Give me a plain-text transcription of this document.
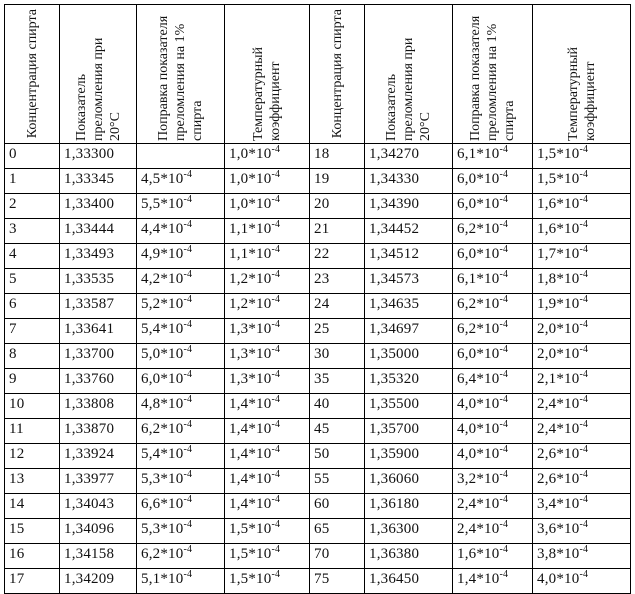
Концентрация спирта	Показатель преломления при 20°С	Поправка показателя преломления на 1% спирта	Температурный коэффициент	Концентрация спирта	Показатель преломления при 20°С	Поправка показателя преломления на 1% спирта	Температурный коэффициент

0	1,33300		$1,0*10^{-4}$	18	1,34270	$6,1*10^{-4}$	$1,5*10^{-4}$
1	1,33345	$4,5*10^{-4}$	$1,0*10^{-4}$	19	1,34330	$6,0*10^{-4}$	$1,5*10^{-4}$
2	1,33400	$5,5*10^{-4}$	$1,0*10^{-4}$	20	1,34390	$6,0*10^{-4}$	$1,6*10^{-4}$
3	1,33444	$4,4*10^{-4}$	$1,1*10^{-4}$	21	1,34452	$6,2*10^{-4}$	$1,6*10^{-4}$
4	1,33493	$4,9*10^{-4}$	$1,1*10^{-4}$	22	1,34512	$6,0*10^{-4}$	$1,7*10^{-4}$
5	1,33535	$4,2*10^{-4}$	$1,2*10^{-4}$	23	1,34573	$6,1*10^{-4}$	$1,8*10^{-4}$
6	1,33587	$5,2*10^{-4}$	$1,2*10^{-4}$	24	1,34635	$6,2*10^{-4}$	$1,9*10^{-4}$
7	1,33641	$5,4*10^{-4}$	$1,3*10^{-4}$	25	1,34697	$6,2*10^{-4}$	$2,0*10^{-4}$
8	1,33700	$5,0*10^{-4}$	$1,3*10^{-4}$	30	1,35000	$6,0*10^{-4}$	$2,0*10^{-4}$
9	1,33760	$6,0*10^{-4}$	$1,3*10^{-4}$	35	1,35320	$6,4*10^{-4}$	$2,1*10^{-4}$
10	1,33808	$4,8*10^{-4}$	$1,4*10^{-4}$	40	1,35500	$4,0*10^{-4}$	$2,4*10^{-4}$
11	1,33870	$6,2*10^{-4}$	$1,4*10^{-4}$	45	1,35700	$4,0*10^{-4}$	$2,4*10^{-4}$
12	1,33924	$5,4*10^{-4}$	$1,4*10^{-4}$	50	1,35900	$4,0*10^{-4}$	$2,6*10^{-4}$
13	1,33977	$5,3*10^{-4}$	$1,4*10^{-4}$	55	1,36060	$3,2*10^{-4}$	$2,6*10^{-4}$
14	1,34043	$6,6*10^{-4}$	$1,4*10^{-4}$	60	1,36180	$2,4*10^{-4}$	$3,4*10^{-4}$
15	1,34096	$5,3*10^{-4}$	$1,5*10^{-4}$	65	1,36300	$2,4*10^{-4}$	$3,6*10^{-4}$
16	1,34158	$6,2*10^{-4}$	$1,5*10^{-4}$	70	1,36380	$1,6*10^{-4}$	$3,8*10^{-4}$
17	1,34209	$5,1*10^{-4}$	$1,5*10^{-4}$	75	1,36450	$1,4*10^{-4}$	$4,0*10^{-4}$
